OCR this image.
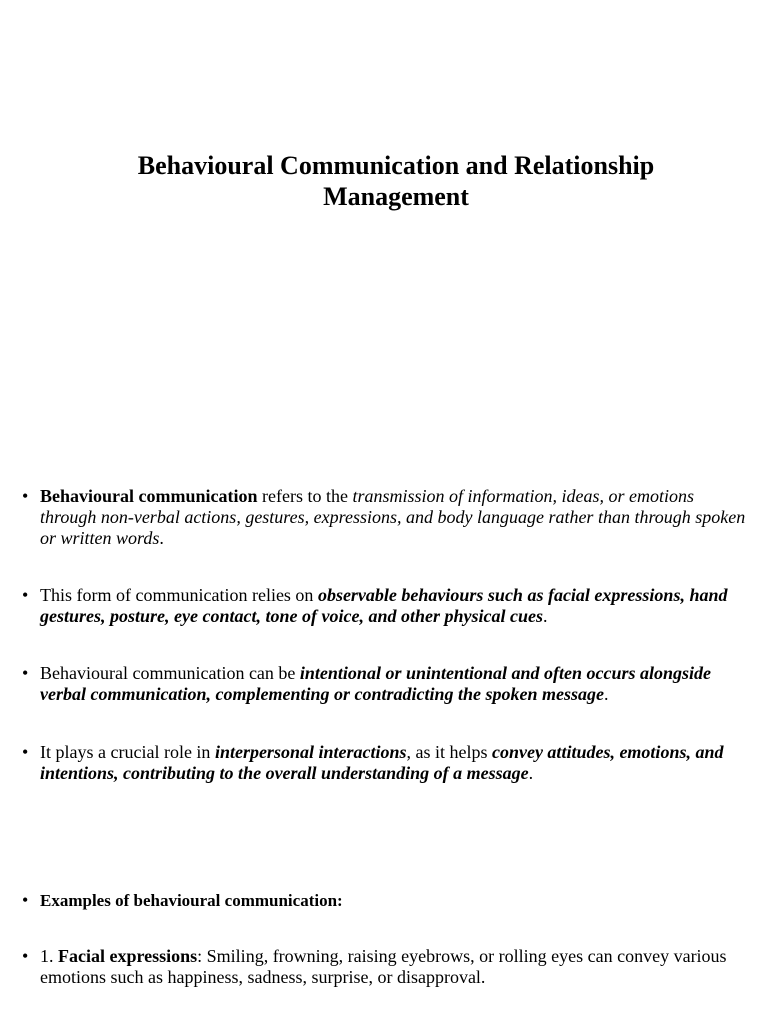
Behavioural Communication and Relationship
Management
• Behavioural communication refers to the transmission of information, ideas, or emotions through non-verbal actions, gestures, expressions, and body language rather than through spoken or written words.
• This form of communication relies on observable behaviours such as facial expressions, hand gestures, posture, eye contact, tone of voice, and other physical cues.
• Behavioural communication can be intentional or unintentional and often occurs alongside verbal communication, complementing or contradicting the spoken message.
• It plays a crucial role in interpersonal interactions, as it helps convey attitudes, emotions, and intentions, contributing to the overall understanding of a message.
• Examples of behavioural communication:
• 1. Facial expressions: Smiling, frowning, raising eyebrows, or rolling eyes can convey various emotions such as happiness, sadness, surprise, or disapproval.
